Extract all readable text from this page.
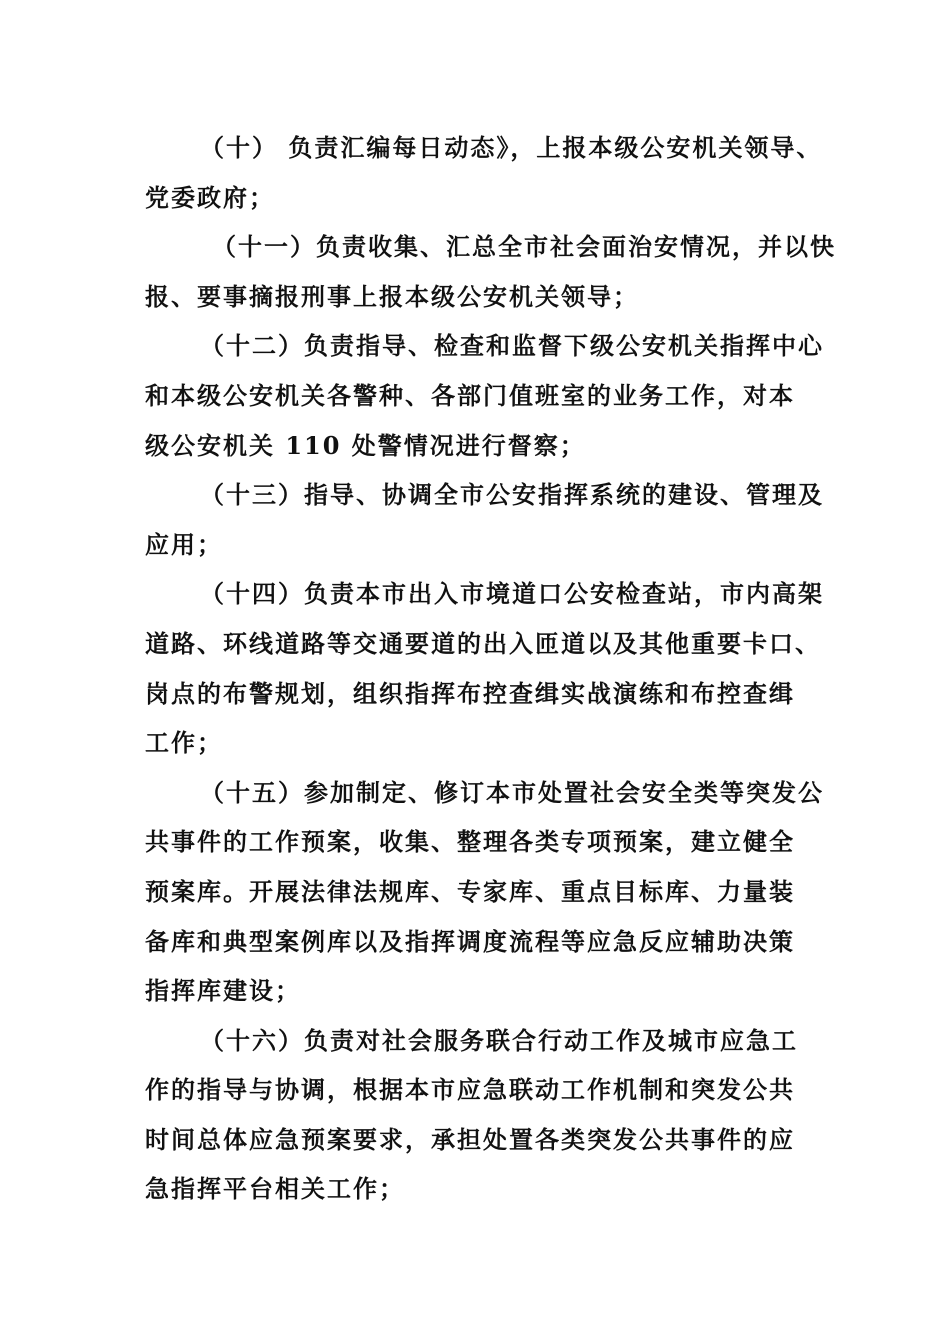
（十） 负责汇编每日动态》，上报本级公安机关领导、
党委政府；

（十一）负责收集、汇总全市社会面治安情况，并以快
报、要事摘报刑事上报本级公安机关领导；

（十二）负责指导、检查和监督下级公安机关指挥中心
和本级公安机关各警种、各部门值班室的业务工作，对本
级公安机关 110 处警情况进行督察；

（十三）指导、协调全市公安指挥系统的建设、管理及
应用；

（十四）负责本市出入市境道口公安检查站，市内高架
道路、环线道路等交通要道的出入匝道以及其他重要卡口、
岗点的布警规划，组织指挥布控查缉实战演练和布控查缉
工作；

（十五）参加制定、修订本市处置社会安全类等突发公
共事件的工作预案，收集、整理各类专项预案，建立健全
预案库。开展法律法规库、专家库、重点目标库、力量装
备库和典型案例库以及指挥调度流程等应急反应辅助决策
指挥库建设；

（十六）负责对社会服务联合行动工作及城市应急工
作的指导与协调，根据本市应急联动工作机制和突发公共
时间总体应急预案要求，承担处置各类突发公共事件的应
急指挥平台相关工作；
